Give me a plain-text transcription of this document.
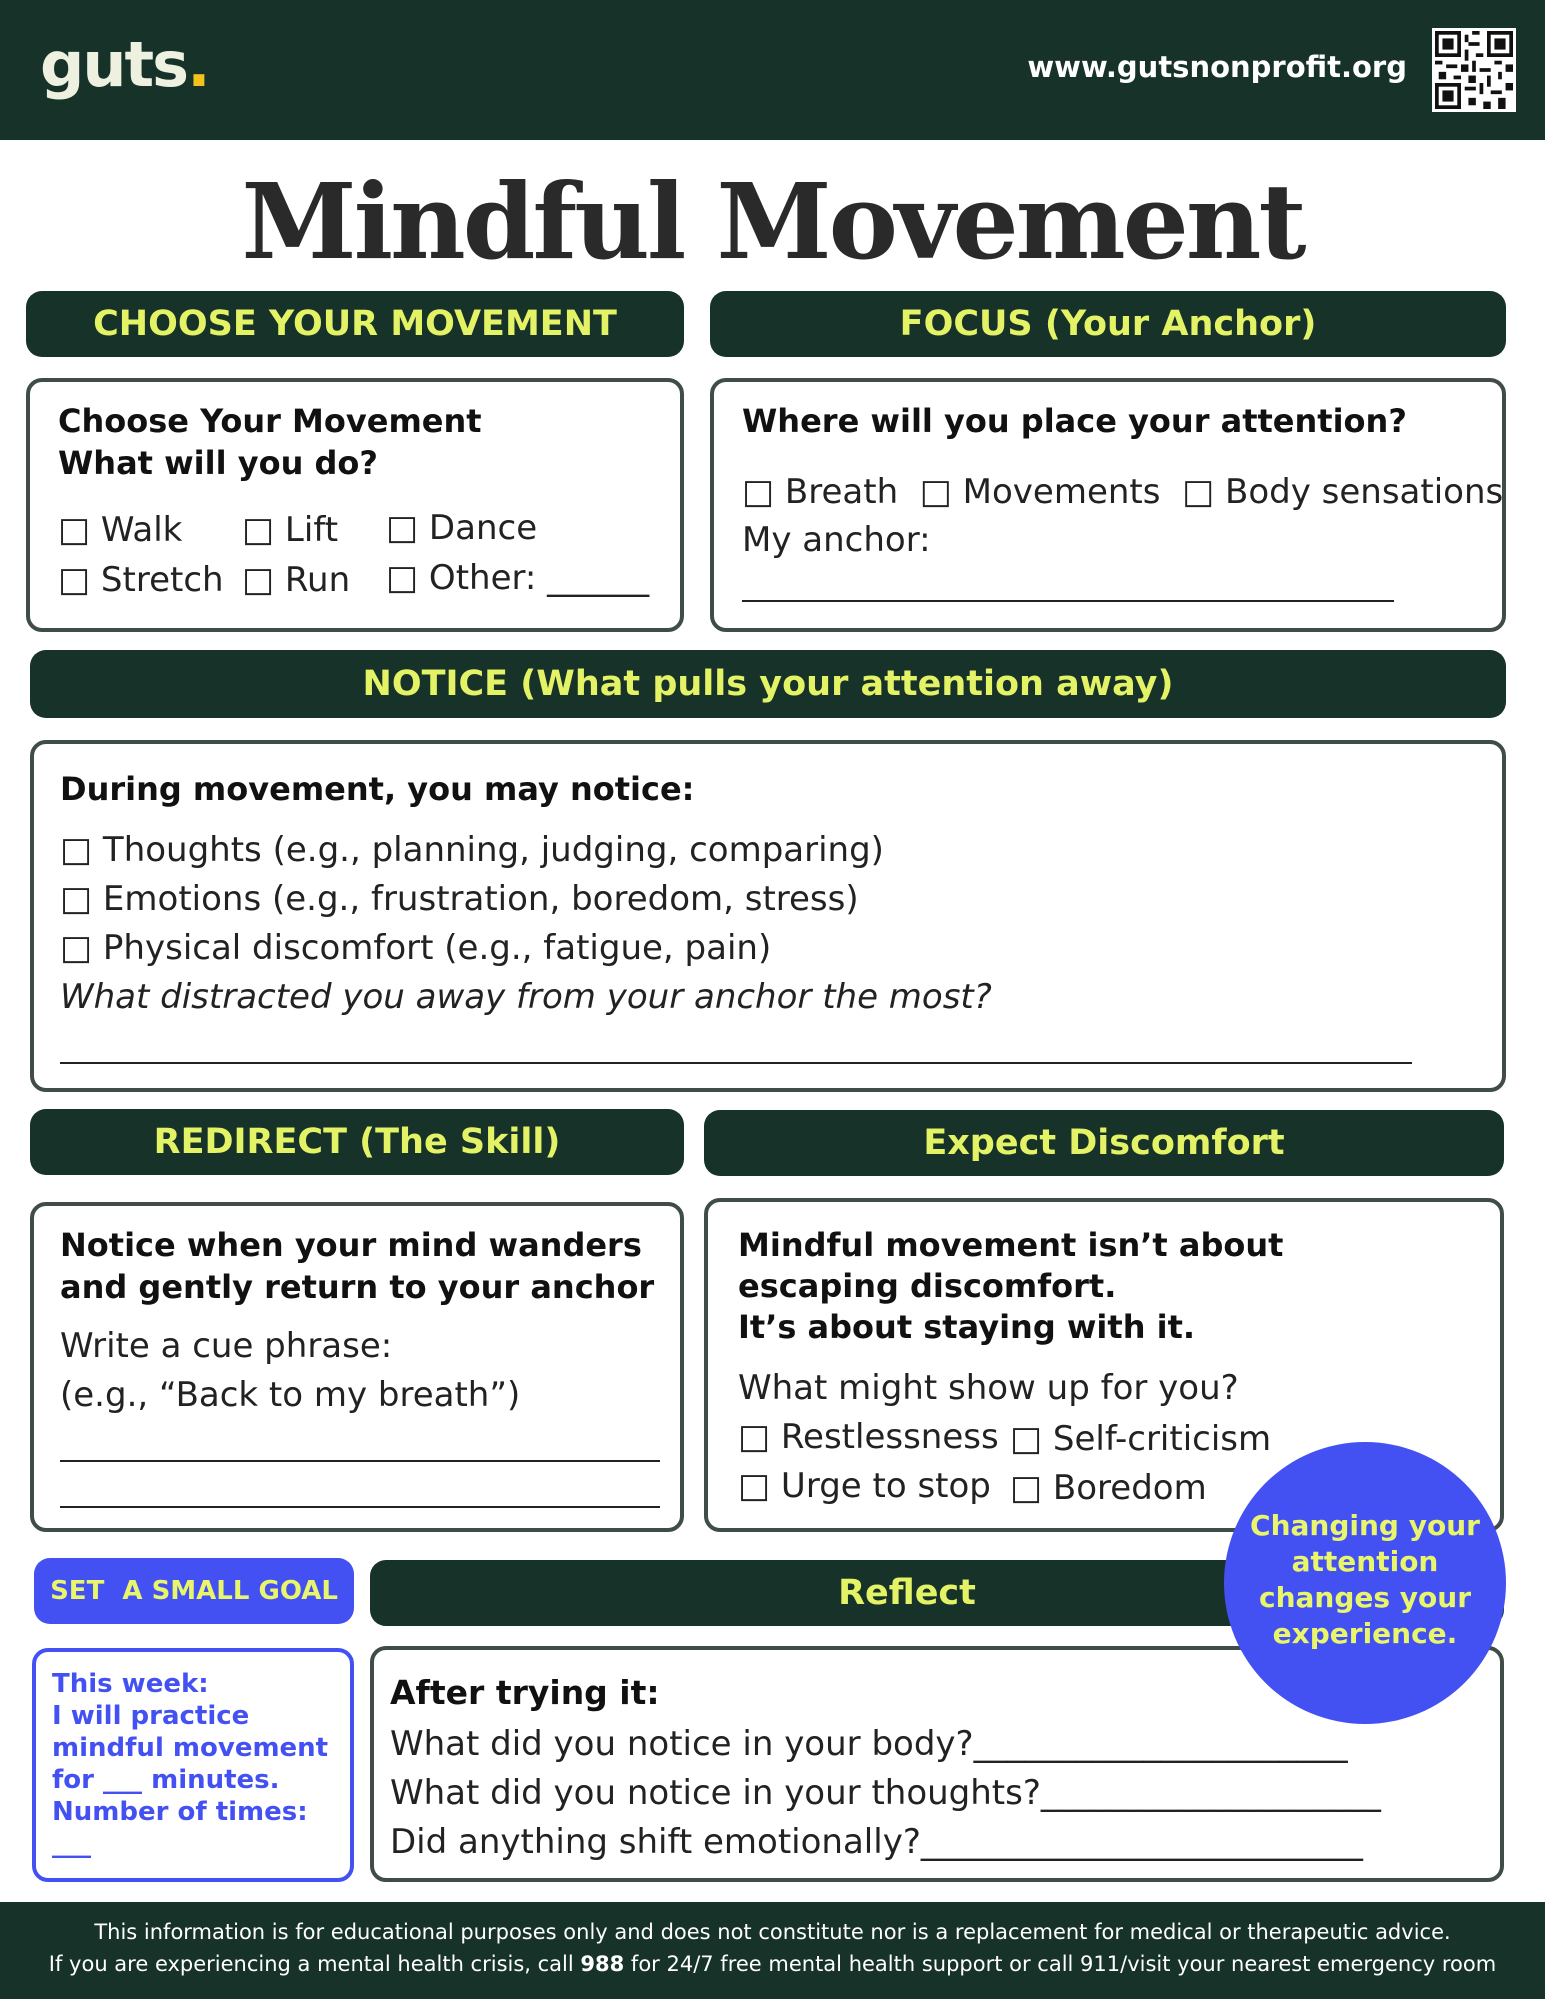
guts.	www.gutsnonprofit.org
Mindful Movement
CHOOSE YOUR MOVEMENT
Choose Your Movement
What will you do?
□ Walk □ Lift □ Dance
□ Stretch □ Run □ Other: ______
FOCUS (Your Anchor)
Where will you place your attention?
□ Breath  □ Movements  □ Body sensations
My anchor:
NOTICE (What pulls your attention away)
During movement, you may notice:
□ Thoughts (e.g., planning, judging, comparing)
□ Emotions (e.g., frustration, boredom, stress)
□ Physical discomfort (e.g., fatigue, pain)
What distracted you away from your anchor the most?
REDIRECT (The Skill)
Notice when your mind wanders
and gently return to your anchor
Write a cue phrase:
(e.g., “Back to my breath”)
Expect Discomfort
Mindful movement isn’t about
escaping discomfort.
It’s about staying with it.
What might show up for you?
□ Restlessness □ Self-criticism
□ Urge to stop □ Boredom
SET  A SMALL GOAL
This week:
I will practice
mindful movement
for ___ minutes.
Number of times:
___
Reflect
After trying it:
What did you notice in your body?______________________
What did you notice in your thoughts?____________________
Did anything shift emotionally?__________________________
Changing your
attention
changes your
experience.
This information is for educational purposes only and does not constitute nor is a replacement for medical or therapeutic advice.
If you are experiencing a mental health crisis, call 988 for 24/7 free mental health support or call 911/visit your nearest emergency room
